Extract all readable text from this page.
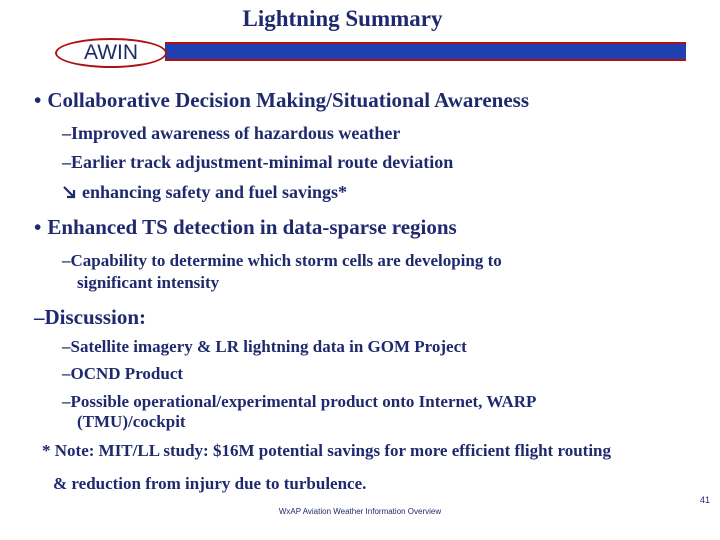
Lightning Summary
AWIN
• Collaborative Decision Making/Situational Awareness
–Improved awareness of hazardous weather
–Earlier track adjustment-minimal route deviation
enhancing safety and fuel savings*
• Enhanced TS detection in data-sparse regions
–Capability to determine which storm cells are developing to
significant intensity
–Discussion:
–Satellite imagery & LR lightning data in GOM Project
–OCND Product
–Possible operational/experimental product onto Internet, WARP
(TMU)/cockpit
* Note: MIT/LL study: $16M potential savings for more efficient flight routing
& reduction from injury due to turbulence.
WxAP Aviation Weather Information Overview
41
